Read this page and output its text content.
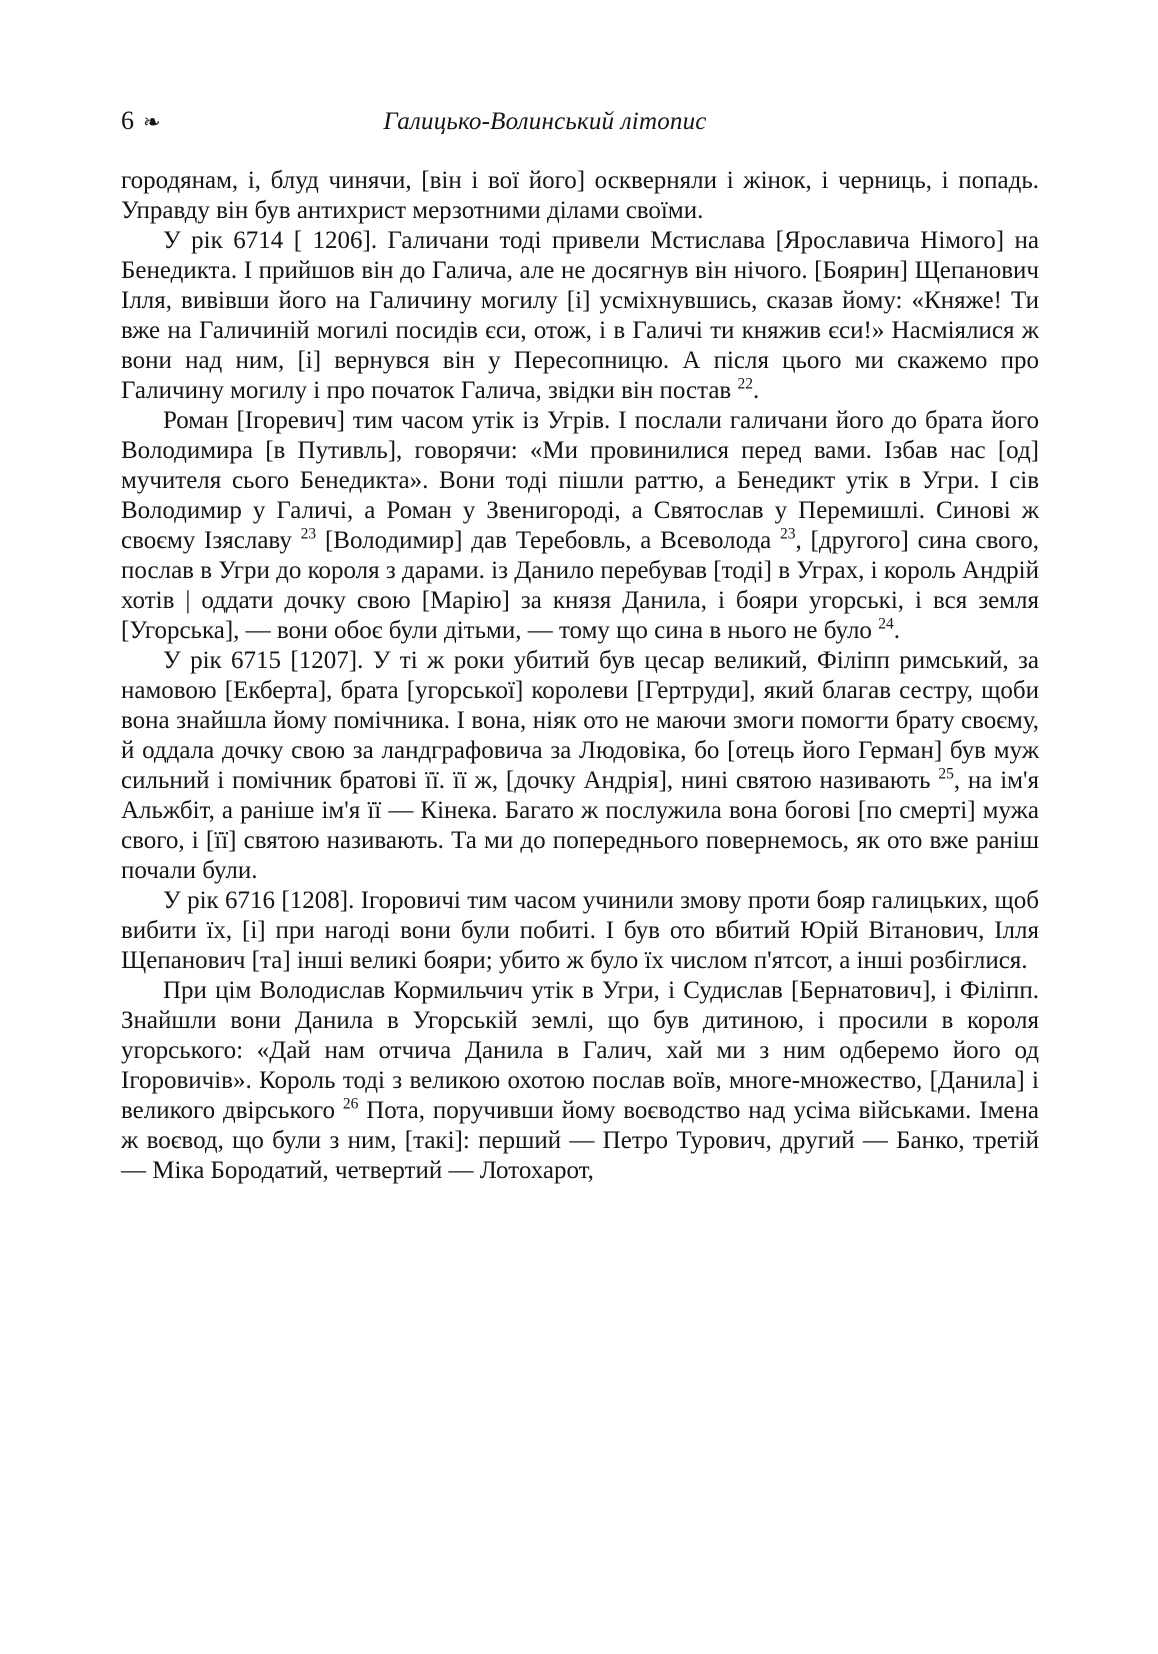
6 ❧	Галицько-Волинський літопис

городянам, і, блуд чинячи, [він і вої його] оскверняли і жінок, і черниць, і попадь. Управду він був антихрист мерзотними ділами своїми.

У рік 6714 [ 1206]. Галичани тоді привели Мстислава [Ярославича Німого] на Бенедикта. І прийшов він до Галича, але не досягнув він нічого. [Боярин] Щепанович Ілля, вивівши його на Галичину могилу [і] усміхнувшись, сказав йому: «Княже! Ти вже на Галичиній могилі посидів єси, отож, і в Галичі ти княжив єси!» Насміялися ж вони над ним, [і] вернувся він у Пересопницю. А після цього ми скажемо про Галичину могилу і про початок Галича, звідки він постав $^{22}$.

Роман [Ігоревич] тим часом утік із Угрів. І послали галичани його до брата його Володимира [в Путивль], говорячи: «Ми провинилися перед вами. Ізбав нас [од] мучителя сього Бенедикта». Вони тоді пішли раттю, а Бенедикт утік в Угри. І сів Володимир у Галичі, а Роман у Звенигороді, а Святослав у Перемишлі. Синові ж своєму Ізяславу $^{23}$ [Володимир] дав Теребовль, а Всеволода $^{23}$, [другого] сина свого, послав в Угри до короля з дарами. із Данило перебував [тоді] в Уграх, і король Андрій хотів | оддати дочку свою [Марію] за князя Данила, і бояри угорські, і вся земля [Угорська], — вони обоє були дітьми, — тому що сина в нього не було $^{24}$.

У рік 6715 [1207]. У ті ж роки убитий був цесар великий, Філіпп римський, за намовою [Екберта], брата [угорської] королеви [Гертруди], який благав сестру, щоби вона знайшла йому помічника. І вона, ніяк ото не маючи змоги помогти брату своєму, й оддала дочку свою за ландграфовича за Людовіка, бо [отець його Герман] був муж сильний і помічник братові її. її ж, [дочку Андрія], нині святою називають $^{25}$, на ім'я Альжбіт, а раніше ім'я її — Кінека. Багато ж послужила вона богові [по смерті] мужа свого, і [її] святою називають. Та ми до попереднього повернемось, як ото вже раніш почали були.

У рік 6716 [1208]. Ігоровичі тим часом учинили змову проти бояр галицьких, щоб вибити їх, [і] при нагоді вони були побиті. І був ото вбитий Юрій Вітанович, Ілля Щепанович [та] інші великі бояри; убито ж було їх числом п'ятсот, а інші розбіглися.

При цім Володислав Кормильчич утік в Угри, і Судислав [Бернатович], і Філіпп. Знайшли вони Данила в Угорській землі, що був дитиною, і просили в короля угорського: «Дай нам отчича Данила в Галич, хай ми з ним одберемо його од Ігоровичів». Король тоді з великою охотою послав воїв, многе-множество, [Данила] і великого двірського $^{26}$ Пота, поручивши йому воєводство над усіма військами. Імена ж воєвод, що були з ним, [такі]: перший — Петро Турович, другий — Банко, третій — Міка Бородатий, четвертий — Лотохарот,
